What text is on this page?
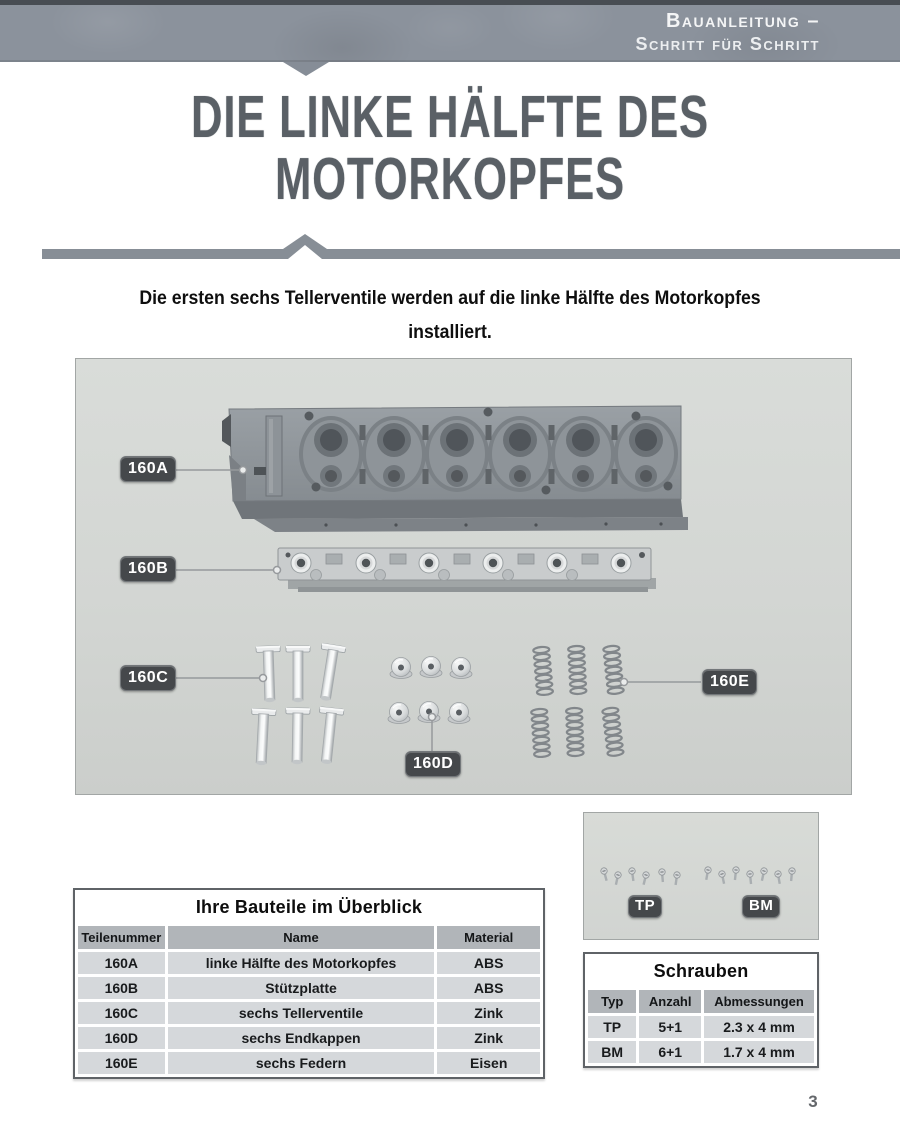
Bauanleitung –
Schritt für Schritt
DIE LINKE HÄLFTE DES
MOTORKOPFES

Die ersten sechs Tellerventile werden auf die linke Hälfte des Motorkopfes
installiert.

160A
160B
160C
160D
160E
Ihre Bauteile im Überblick		
Teilenummer	Name	Material
160A	linke Hälfte des Motorkopfes	ABS
160B	Stützplatte	ABS
160C	sechs Tellerventile	Zink
160D	sechs Endkappen	Zink
160E	sechs Federn	Eisen
TP	BM
Schrauben		
Typ	Anzahl	Abmessungen
TP	5+1	2.3 x 4 mm
BM	6+1	1.7 x 4 mm
3
